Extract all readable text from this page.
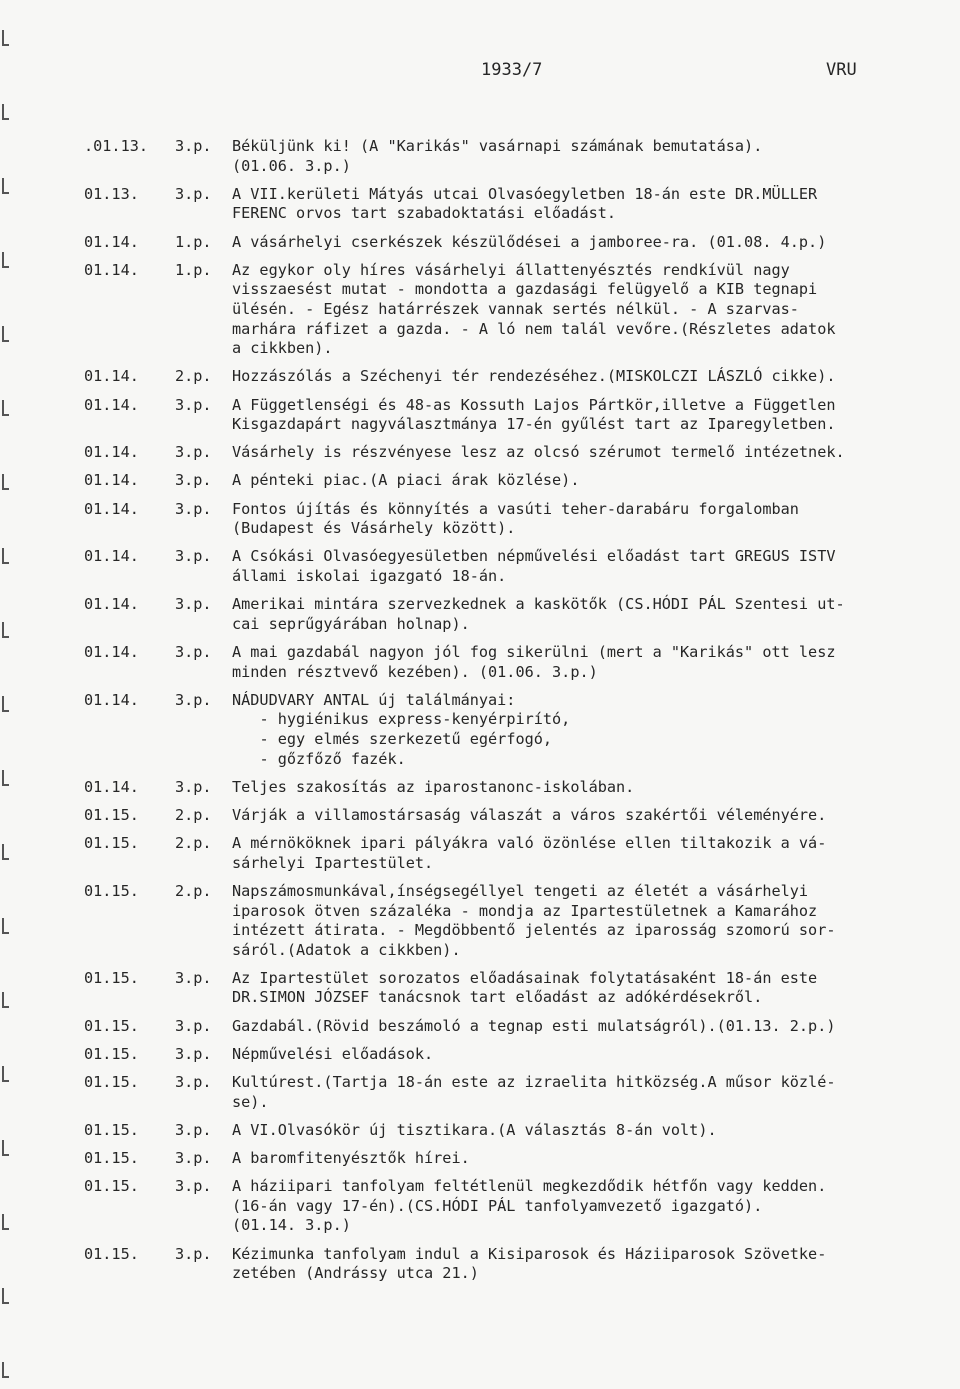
1933/7	VRU
.01.13.	3.p.	Béküljünk ki! (A "Karikás" vasárnapi számának bemutatása).
(01.06. 3.p.)
01.13.	3.p.	A VII.kerületi Mátyás utcai Olvasóegyletben 18-án este DR.MÜLLER
FERENC orvos tart szabadoktatási előadást.
01.14.	1.p.	A vásárhelyi cserkészek készülődései a jamboree-ra. (01.08. 4.p.)
01.14.	1.p.	Az egykor oly híres vásárhelyi állattenyésztés rendkívül nagy
visszaesést mutat - mondotta a gazdasági felügyelő a KIB tegnapi
ülésén. - Egész határrészek vannak sertés nélkül. - A szarvas-
marhára ráfizet a gazda. - A ló nem talál vevőre.(Részletes adatok
a cikkben).
01.14.	2.p.	Hozzászólás a Széchenyi tér rendezéséhez.(MISKOLCZI LÁSZLÓ cikke).
01.14.	3.p.	A Függetlenségi és 48-as Kossuth Lajos Pártkör,illetve a Független
Kisgazdapárt nagyválasztmánya 17-én gyűlést tart az Iparegyletben.
01.14.	3.p.	Vásárhely is részvényese lesz az olcsó szérumot termelő intézetnek.
01.14.	3.p.	A pénteki piac.(A piaci árak közlése).
01.14.	3.p.	Fontos újítás és könnyítés a vasúti teher-darabáru forgalomban
(Budapest és Vásárhely között).
01.14.	3.p.	A Csókási Olvasóegyesületben népművelési előadást tart GREGUS ISTV
állami iskolai igazgató 18-án.
01.14.	3.p.	Amerikai mintára szervezkednek a kaskötők (CS.HÓDI PÁL Szentesi ut-
cai seprűgyárában holnap).
01.14.	3.p.	A mai gazdabál nagyon jól fog sikerülni (mert a "Karikás" ott lesz
minden résztvevő kezében). (01.06. 3.p.)
01.14.	3.p.	NÁDUDVARY ANTAL új találmányai:
- hygiénikus express-kenyérpirító,
- egy elmés szerkezetű egérfogó,
- gőzfőző fazék.
01.14.	3.p.	Teljes szakosítás az iparostanonc-iskolában.
01.15.	2.p.	Várják a villamostársaság válaszát a város szakértői véleményére.
01.15.	2.p.	A mérnököknek ipari pályákra való özönlése ellen tiltakozik a vá-
sárhelyi Ipartestület.
01.15.	2.p.	Napszámosmunkával,ínségsegéllyel tengeti az életét a vásárhelyi
iparosok ötven százaléka - mondja az Ipartestületnek a Kamarához
intézett átirata. - Megdöbbentő jelentés az iparosság szomorú sor-
sáról.(Adatok a cikkben).
01.15.	3.p.	Az Ipartestület sorozatos előadásainak folytatásaként 18-án este
DR.SIMON JÓZSEF tanácsnok tart előadást az adókérdésekről.
01.15.	3.p.	Gazdabál.(Rövid beszámoló a tegnap esti mulatságról).(01.13. 2.p.)
01.15.	3.p.	Népművelési előadások.
01.15.	3.p.	Kultúrest.(Tartja 18-án este az izraelita hitközség.A műsor közlé-
se).
01.15.	3.p.	A VI.Olvasókör új tisztikara.(A választás 8-án volt).
01.15.	3.p.	A baromfitenyésztők hírei.
01.15.	3.p.	A háziipari tanfolyam feltétlenül megkezdődik hétfőn vagy kedden.
(16-án vagy 17-én).(CS.HÓDI PÁL tanfolyamvezető igazgató).
(01.14. 3.p.)
01.15.	3.p.	Kézimunka tanfolyam indul a Kisiparosok és Háziiparosok Szövetke-
zetében (Andrássy utca 21.)
